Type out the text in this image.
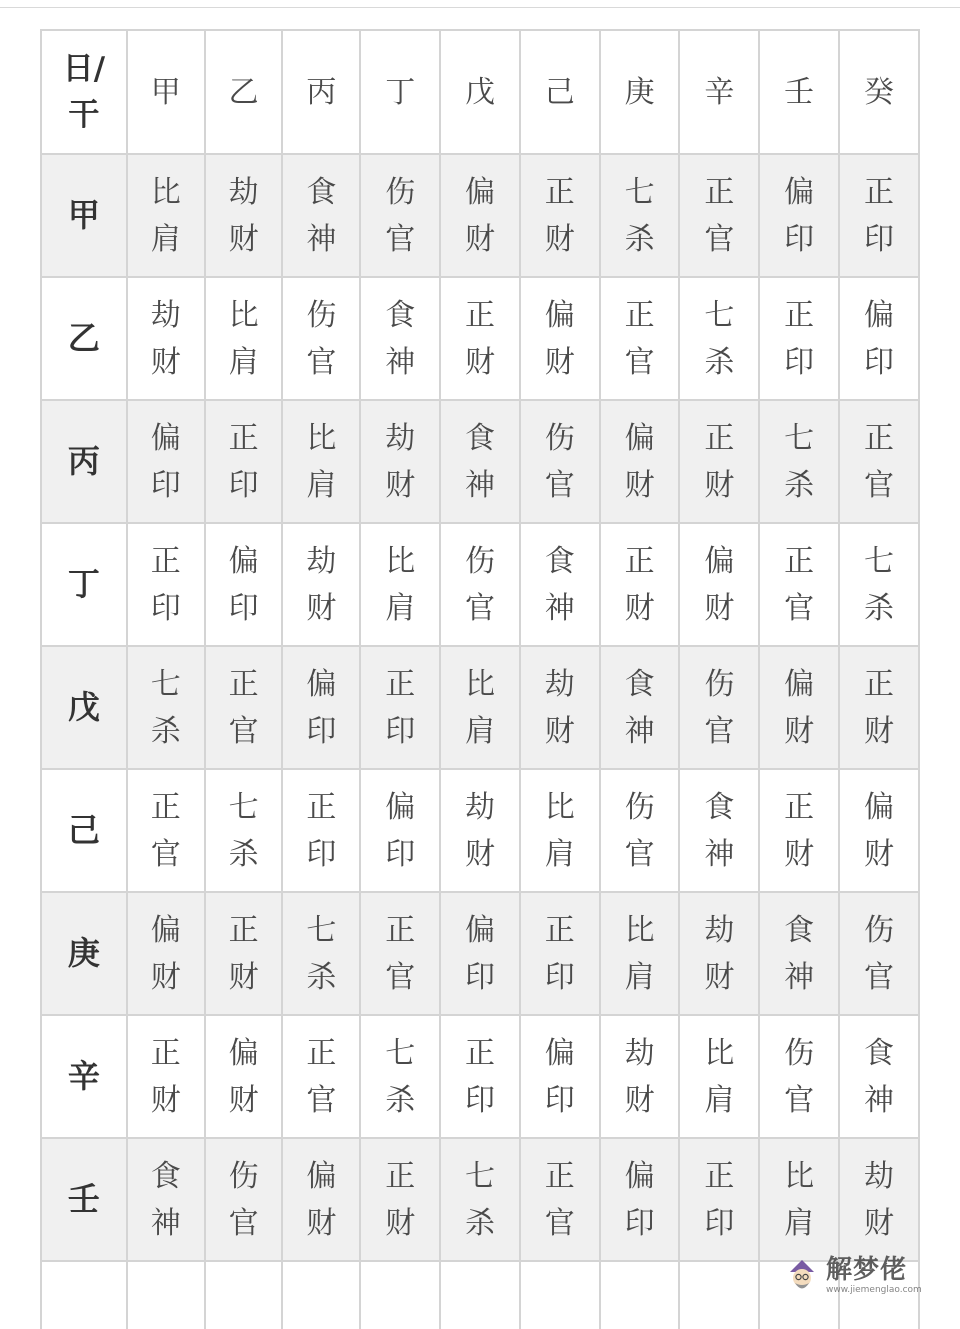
日/干	甲	乙	丙	丁	戊	己	庚	辛	壬	癸
甲	比肩	劫财	食神	伤官	偏财	正财	七杀	正官	偏印	正印
乙	劫财	比肩	伤官	食神	正财	偏财	正官	七杀	正印	偏印
丙	偏印	正印	比肩	劫财	食神	伤官	偏财	正财	七杀	正官
丁	正印	偏印	劫财	比肩	伤官	食神	正财	偏财	正官	七杀
戊	七杀	正官	偏印	正印	比肩	劫财	食神	伤官	偏财	正财
己	正官	七杀	正印	偏印	劫财	比肩	伤官	食神	正财	偏财
庚	偏财	正财	七杀	正官	偏印	正印	比肩	劫财	食神	伤官
辛	正财	偏财	正官	七杀	正印	偏印	劫财	比肩	伤官	食神
壬	食神	伤官	偏财	正财	七杀	正官	偏印	正印	比肩	劫财

解梦佬
www.jiemenglao.com
